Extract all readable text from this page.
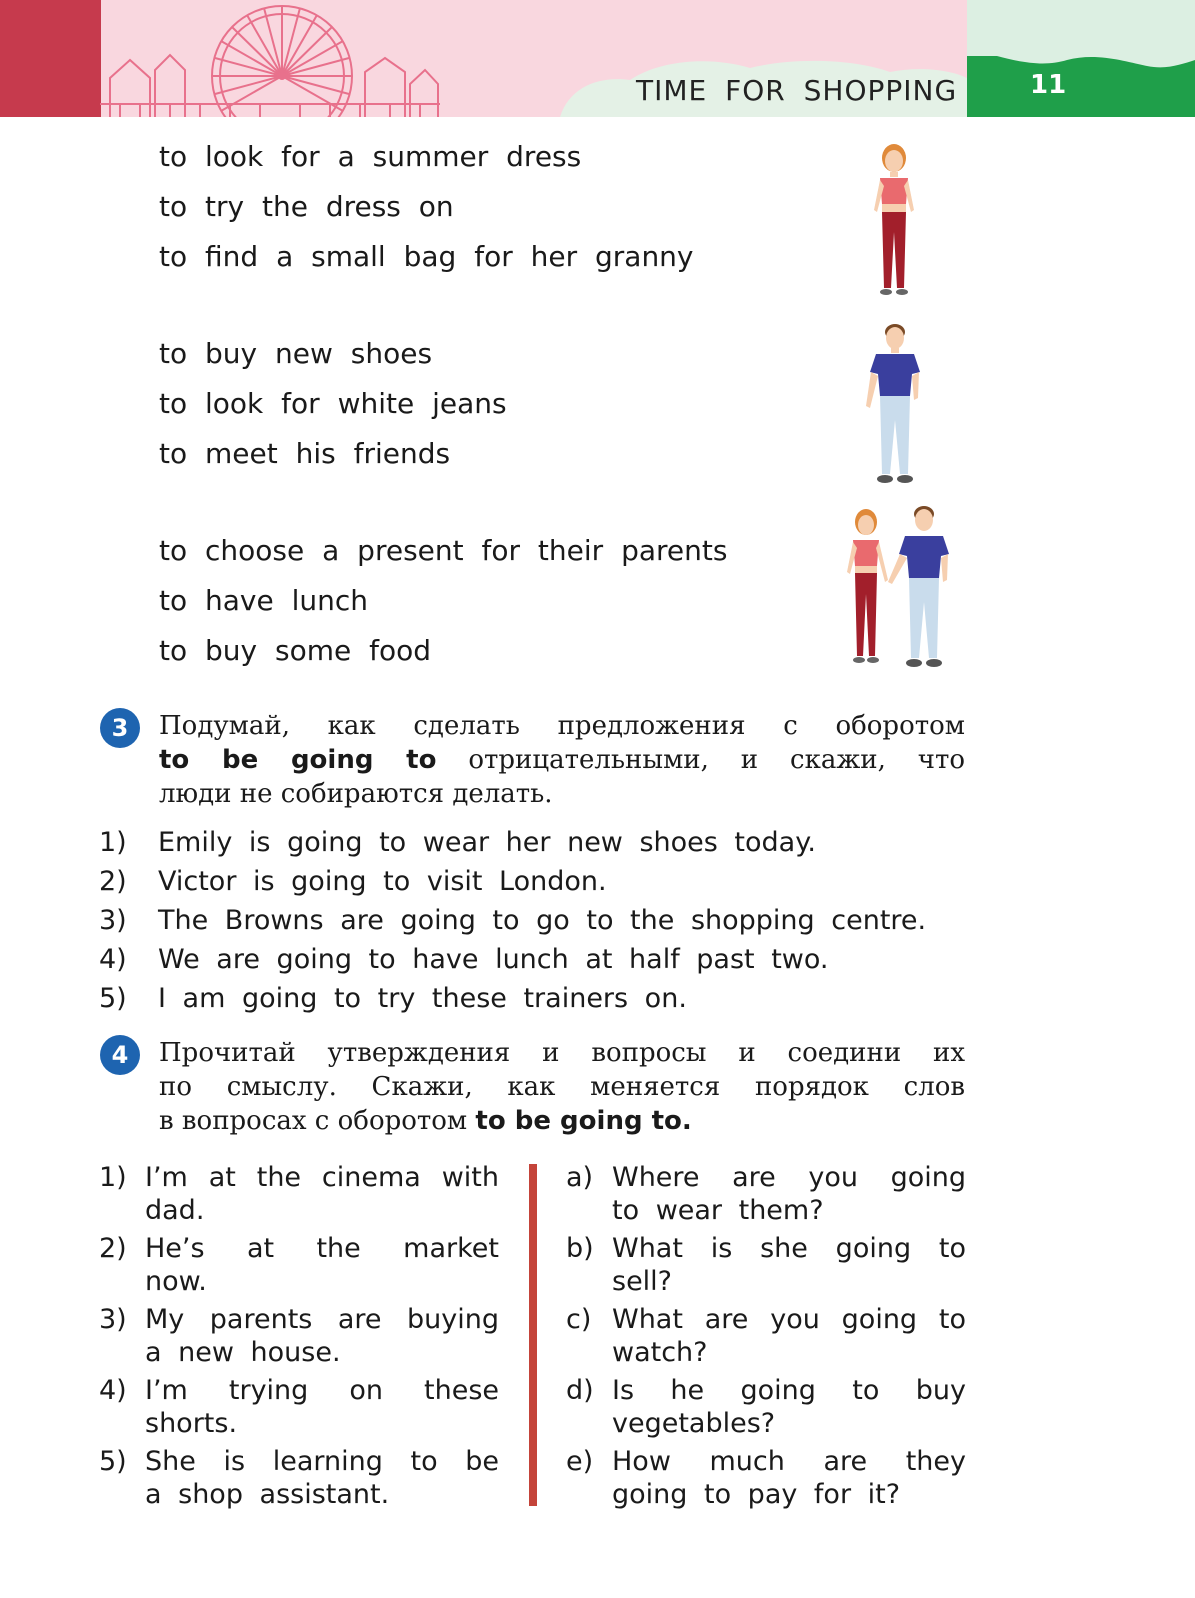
TIME FOR SHOPPING	11
to look for a summer dress
to try the dress on
to find a small bag for her granny
to buy new shoes
to look for white jeans
to meet his friends
to choose a present for their parents
to have lunch
to buy some food
3	Подумай, как сделать предложения с оборотом
to be going to отрицательными, и скажи, что
люди не собираются делать.
1) Emily is going to wear her new shoes today.
2) Victor is going to visit London.
3) The Browns are going to go to the shopping centre.
4) We are going to have lunch at half past two.
5) I am going to try these trainers on.
4	Прочитай утверждения и вопросы и соедини их
по смыслу. Скажи, как меняется порядок слов
в вопросах с оборотом to be going to.
1) I’m at the cinema with
dad.
2) He’s at the market
now.
3) My parents are buying
a new house.
4) I’m trying on these
shorts.
5) She is learning to be
a shop assistant.
a) Where are you going
to wear them?
b) What is she going to
sell?
c) What are you going to
watch?
d) Is he going to buy
vegetables?
e) How much are they
going to pay for it?
